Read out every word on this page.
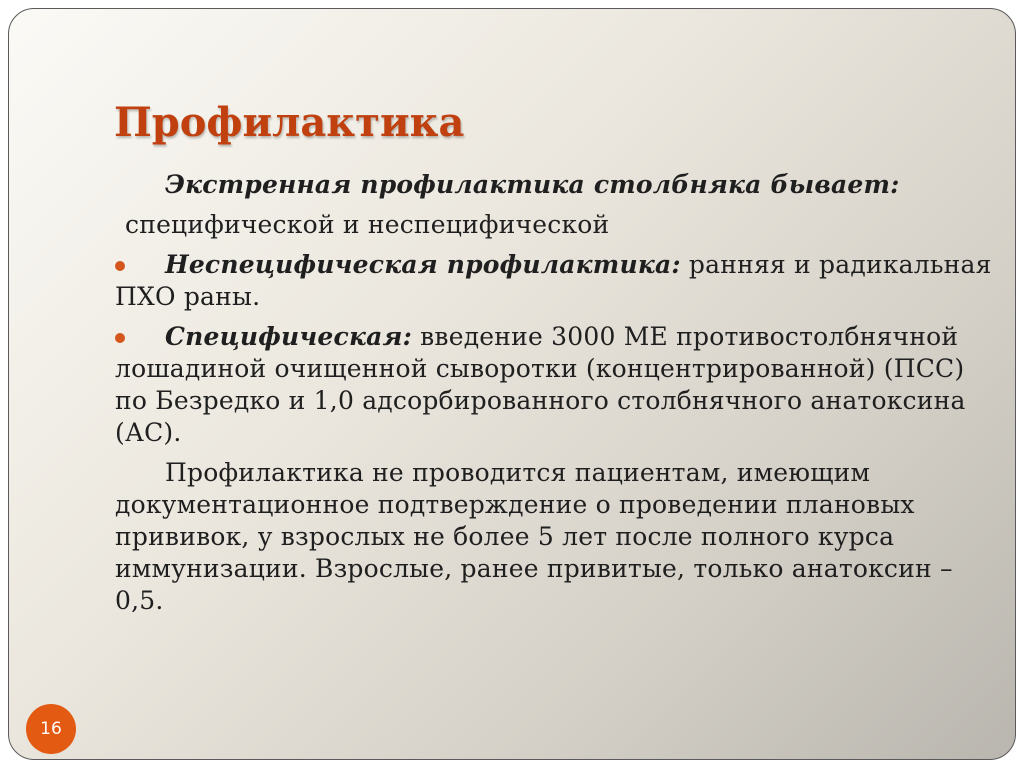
Профилактика

Экстренная профилактика столбняка бывает:

специфической и неспецифической

Неспецифическая профилактика: ранняя и радикальная ПХО раны.

Специфическая: введение 3000 МЕ противостолбнячной лошадиной очищенной сыворотки (концентрированной) (ПСС) по Безредко и 1,0 адсорбированного столбнячного анатоксина (АС).

Профилактика не проводится пациентам, имеющим документационное подтверждение о проведении плановых прививок, у взрослых не более 5 лет после полного курса иммунизации. Взрослые, ранее привитые, только анатоксин – 0,5.

16
